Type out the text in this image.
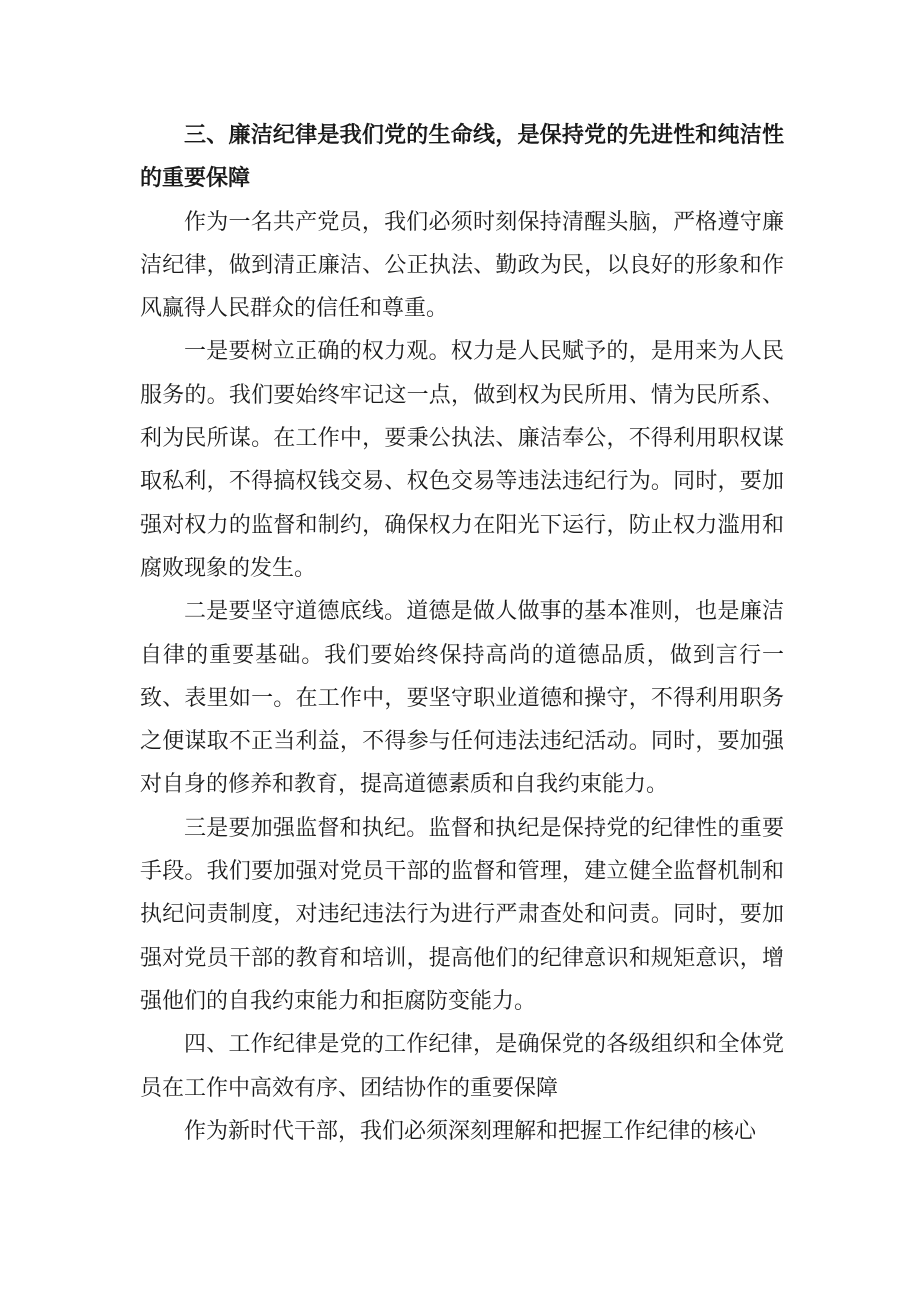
三、廉洁纪律是我们党的生命线，是保持党的先进性和纯洁性的重要保障

作为一名共产党员，我们必须时刻保持清醒头脑，严格遵守廉洁纪律，做到清正廉洁、公正执法、勤政为民，以良好的形象和作风赢得人民群众的信任和尊重。

一是要树立正确的权力观。权力是人民赋予的，是用来为人民服务的。我们要始终牢记这一点，做到权为民所用、情为民所系、利为民所谋。在工作中，要秉公执法、廉洁奉公，不得利用职权谋取私利，不得搞权钱交易、权色交易等违法违纪行为。同时，要加强对权力的监督和制约，确保权力在阳光下运行，防止权力滥用和腐败现象的发生。

二是要坚守道德底线。道德是做人做事的基本准则，也是廉洁自律的重要基础。我们要始终保持高尚的道德品质，做到言行一致、表里如一。在工作中，要坚守职业道德和操守，不得利用职务之便谋取不正当利益，不得参与任何违法违纪活动。同时，要加强对自身的修养和教育，提高道德素质和自我约束能力。

三是要加强监督和执纪。监督和执纪是保持党的纪律性的重要手段。我们要加强对党员干部的监督和管理，建立健全监督机制和执纪问责制度，对违纪违法行为进行严肃查处和问责。同时，要加强对党员干部的教育和培训，提高他们的纪律意识和规矩意识，增强他们的自我约束能力和拒腐防变能力。

四、工作纪律是党的工作纪律，是确保党的各级组织和全体党员在工作中高效有序、团结协作的重要保障

作为新时代干部，我们必须深刻理解和把握工作纪律的核心
